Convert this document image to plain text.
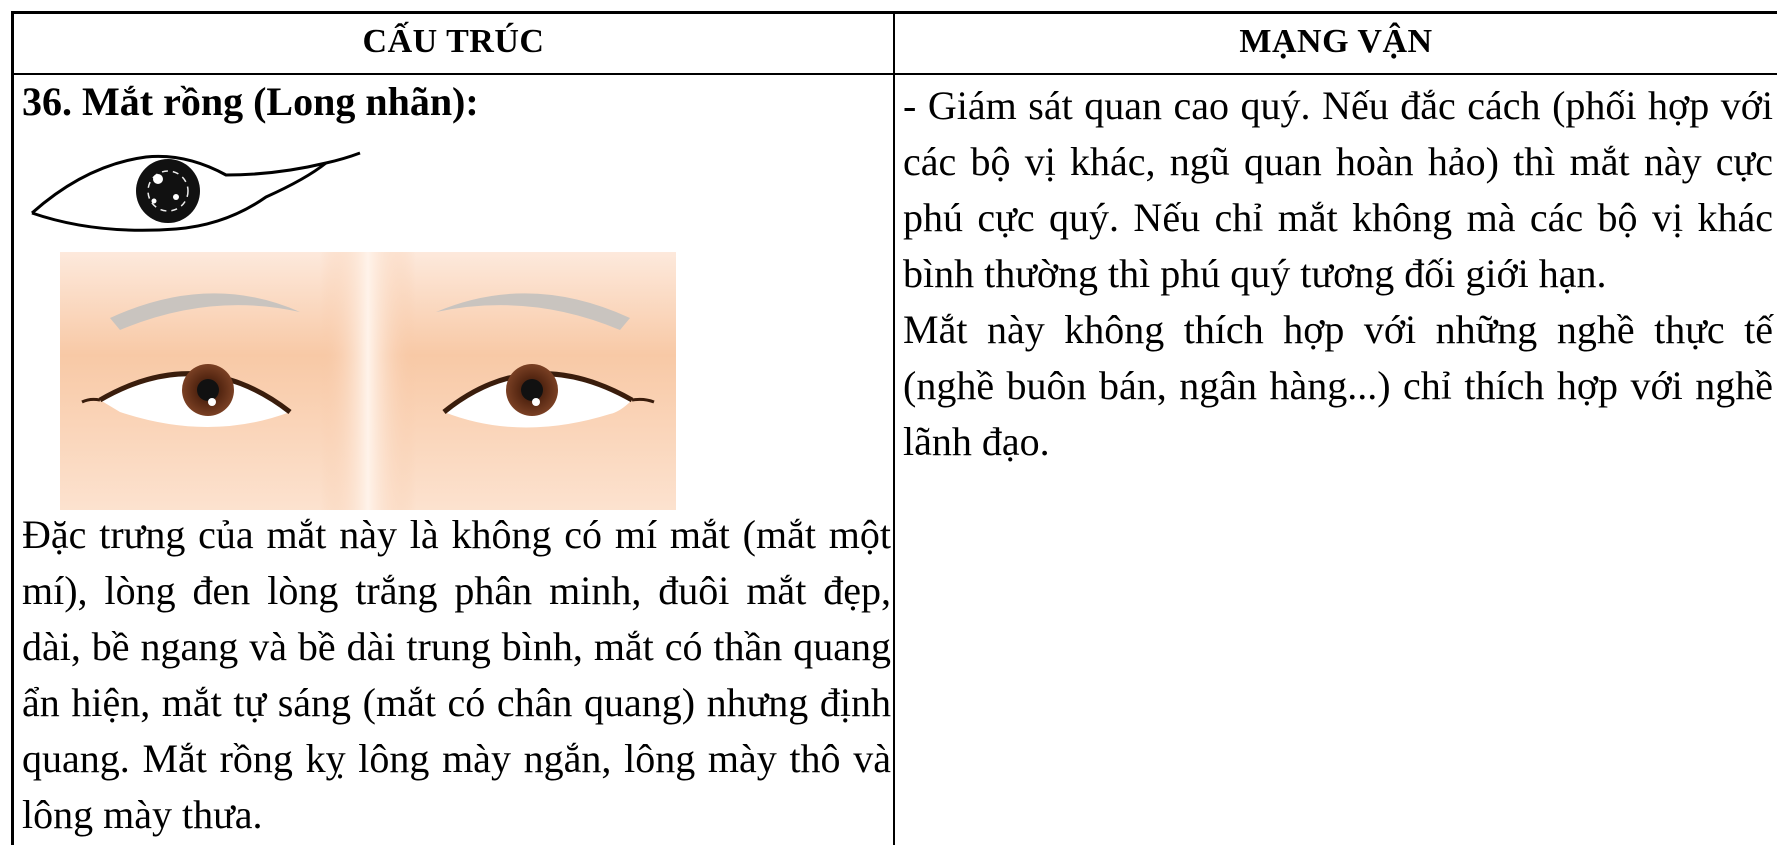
CẤU TRÚC	MẠNG VẬN
36. Mắt rồng (Long nhãn):
Đặc trưng của mắt này là không có mí mắt (mắt một mí), lòng đen lòng trắng phân minh, đuôi mắt đẹp, dài, bề ngang và bề dài trung bình, mắt có thần quang ẩn hiện, mắt tự sáng (mắt có chân quang) nhưng định quang. Mắt rồng kỵ lông mày ngắn, lông mày thô và lông mày thưa.

- Giám sát quan cao quý. Nếu đắc cách (phối hợp với các bộ vị khác, ngũ quan hoàn hảo) thì mắt này cực phú cực quý. Nếu chỉ mắt không mà các bộ vị khác bình thường thì phú quý tương đối giới hạn.

Mắt này không thích hợp với những nghề thực tế (nghề buôn bán, ngân hàng...) chỉ thích hợp với nghề lãnh đạo.
